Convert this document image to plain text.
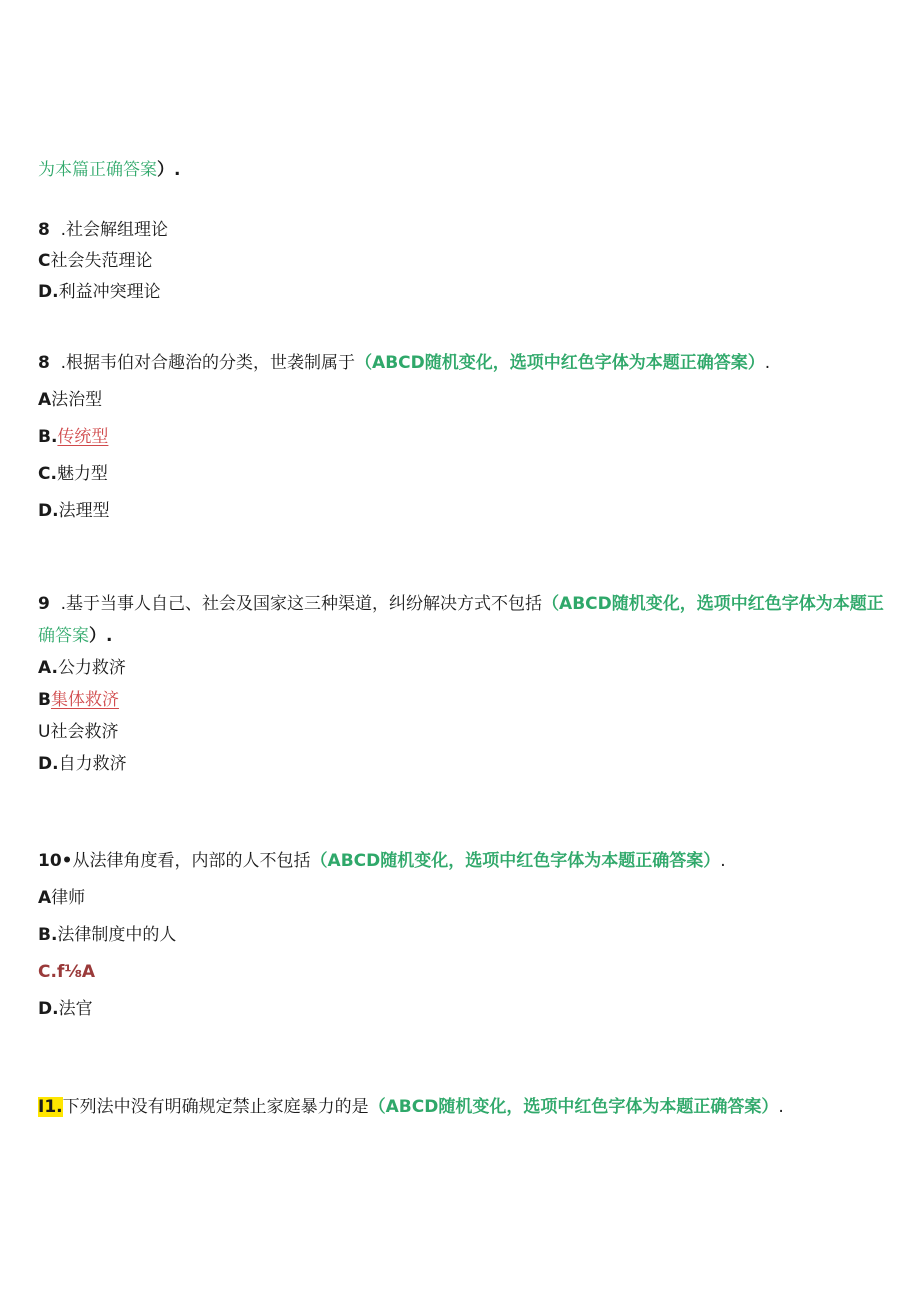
为本篇正确答案）.
8 .社会解组理论
C社会失范理论
D.利益冲突理论
8 .根据韦伯对合趣治的分类，世袭制属于（ABCD随机变化，选项中红色字体为本题正确答案）.
A法治型
B.传统型
C.魅力型
D.法理型
9 .基于当事人自己、社会及国家这三种渠道，纠纷解决方式不包括（ABCD随机变化，选项中红色字体为本题正
确答案）.
A.公力救济
B集体救济
U社会救济
D.自力救济
10•从法律角度看，内部的人不包括（ABCD随机变化，选项中红色字体为本题正确答案）.
A律师
B.法律制度中的人
C.f⅛A
D.法官
I1.下列法中没有明确规定禁止家庭暴力的是（ABCD随机变化，选项中红色字体为本题正确答案）.
